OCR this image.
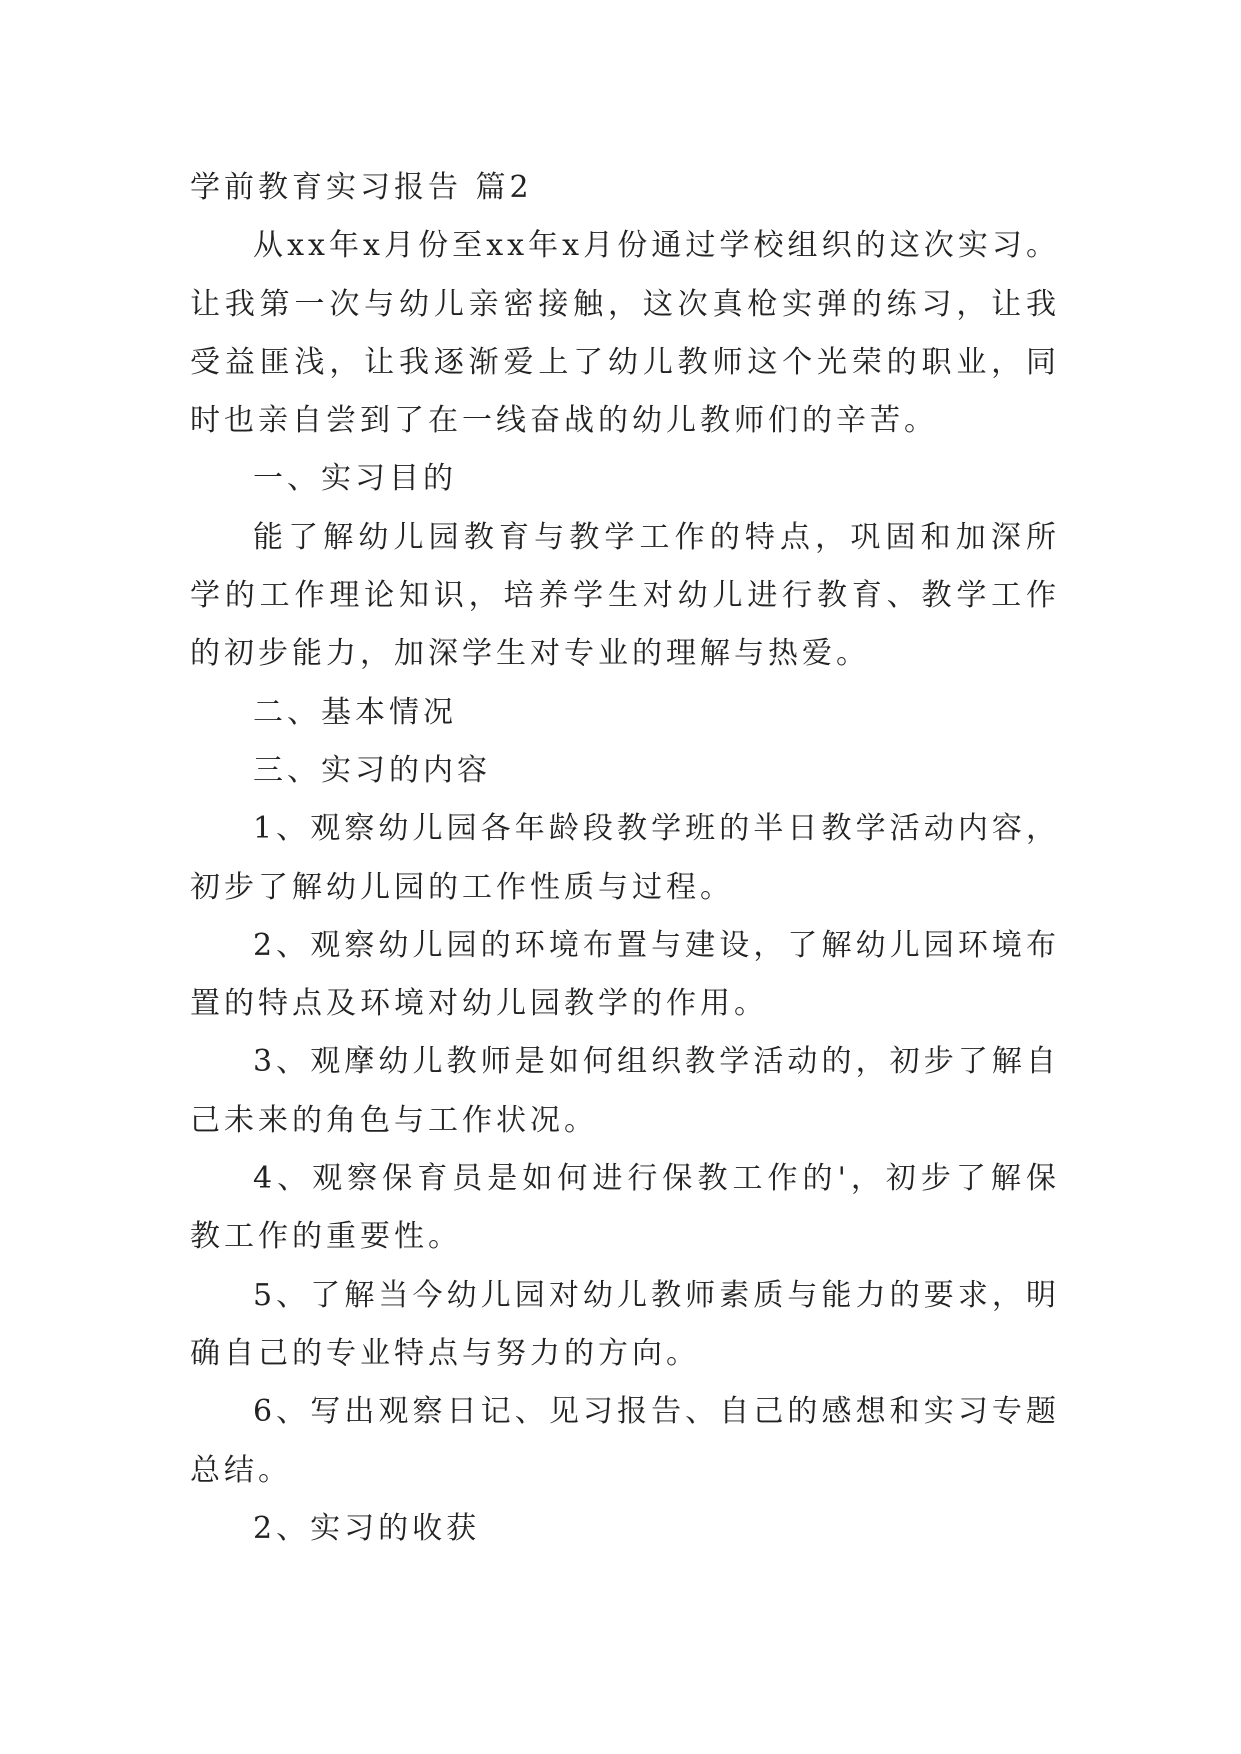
学前教育实习报告 篇2

从xx年x月份至xx年x月份通过学校组织的这次实习。让我第一次与幼儿亲密接触，这次真枪实弹的练习，让我受益匪浅，让我逐渐爱上了幼儿教师这个光荣的职业，同时也亲自尝到了在一线奋战的幼儿教师们的辛苦。

一、实习目的

能了解幼儿园教育与教学工作的特点，巩固和加深所学的工作理论知识，培养学生对幼儿进行教育、教学工作的初步能力，加深学生对专业的理解与热爱。

二、基本情况

三、实习的内容

1、观察幼儿园各年龄段教学班的半日教学活动内容，初步了解幼儿园的工作性质与过程。

2、观察幼儿园的环境布置与建设，了解幼儿园环境布置的特点及环境对幼儿园教学的作用。

3、观摩幼儿教师是如何组织教学活动的，初步了解自己未来的角色与工作状况。

4、观察保育员是如何进行保教工作的'，初步了解保教工作的重要性。

5、了解当今幼儿园对幼儿教师素质与能力的要求，明确自己的专业特点与努力的方向。

6、写出观察日记、见习报告、自己的感想和实习专题总结。

2、实习的收获
